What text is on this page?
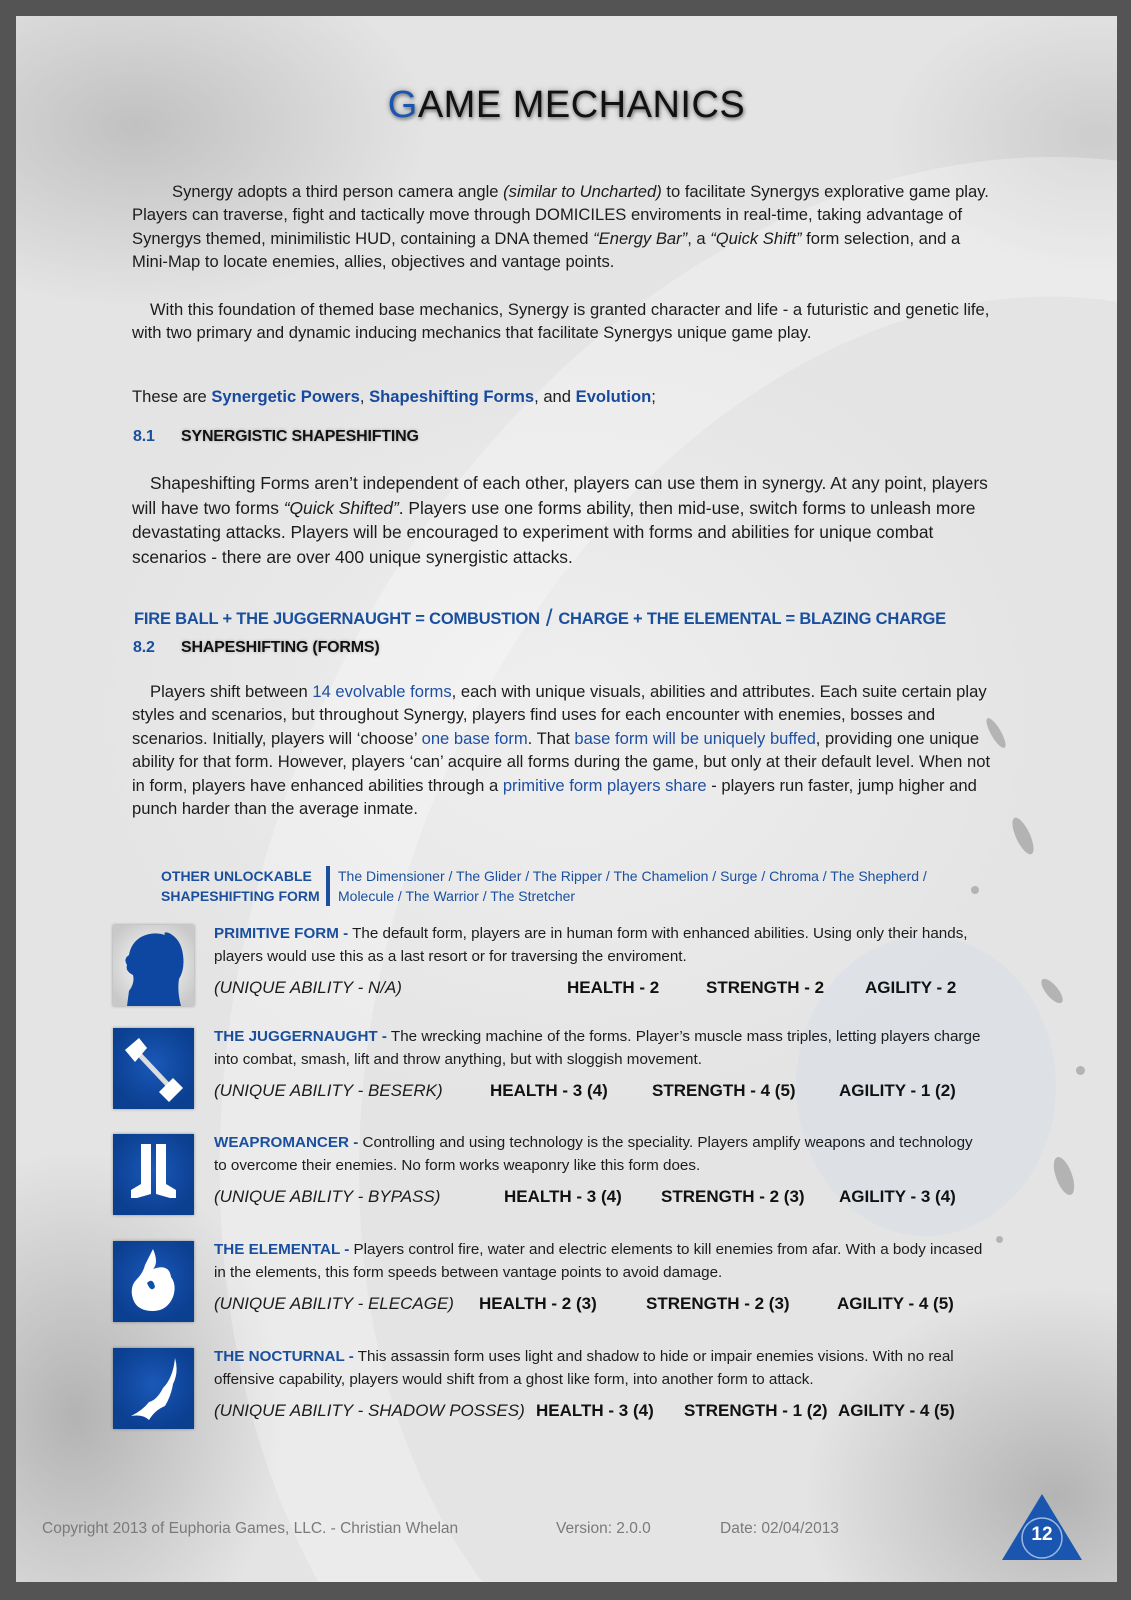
GAME MECHANICS
Synergy adopts a third person camera angle (similar to Uncharted) to facilitate Synergys explorative game play. Players can traverse, fight and tactically move through DOMICILES enviroments in real-time, taking advantage of Synergys themed, minimilistic HUD, containing a DNA themed “Energy Bar”, a “Quick Shift” form selection, and a Mini-Map to locate enemies, allies, objectives and vantage points.
With this foundation of themed base mechanics, Synergy is granted character and life - a futuristic and genetic life, with two primary and dynamic inducing mechanics that facilitate Synergys unique game play.
These are Synergetic Powers, Shapeshifting Forms, and Evolution;
8.1 SYNERGISTIC SHAPESHIFTING
Shapeshifting Forms aren’t independent of each other, players can use them in synergy. At any point, players will have two forms “Quick Shifted”. Players use one forms ability, then mid-use, switch forms to unleash more devastating attacks. Players will be encouraged to experiment with forms and abilities for unique combat scenarios - there are over 400 unique synergistic attacks.
FIRE BALL + THE JUGGERNAUGHT = COMBUSTION / CHARGE + THE ELEMENTAL = BLAZING CHARGE
8.2 SHAPESHIFTING (FORMS)
Players shift between 14 evolvable forms, each with unique visuals, abilities and attributes. Each suite certain play styles and scenarios, but throughout Synergy, players find uses for each encounter with enemies, bosses and scenarios. Initially, players will ‘choose’ one base form. That base form will be uniquely buffed, providing one unique ability for that form. However, players ‘can’ acquire all forms during the game, but only at their default level. When not in form, players have enhanced abilities through a primitive form players share - players run faster, jump higher and punch harder than the average inmate.
OTHER UNLOCKABLE
SHAPESHIFTING FORM
The Dimensioner / The Glider / The Ripper / The Chamelion / Surge / Chroma / The Shepherd / Molecule / The Warrior / The Stretcher
PRIMITIVE FORM - The default form, players are in human form with enhanced abilities. Using only their hands, players would use this as a last resort or for traversing the enviroment.
(UNIQUE ABILITY - N/A)	HEALTH - 2	STRENGTH - 2 AGILITY - 2
THE JUGGERNAUGHT - The wrecking machine of the forms. Player’s muscle mass triples, letting players charge into combat, smash, lift and throw anything, but with sloggish movement.
(UNIQUE ABILITY - BESERK)	HEALTH - 3 (4)	STRENGTH - 4 (5)	AGILITY - 1 (2)
WEAPROMANCER - Controlling and using technology is the speciality. Players amplify weapons and technology to overcome their enemies. No form works weaponry like this form does.
(UNIQUE ABILITY - BYPASS)	HEALTH - 3 (4) STRENGTH - 2 (3) AGILITY - 3 (4)
THE ELEMENTAL - Players control fire, water and electric elements to kill enemies from afar. With a body incased in the elements, this form speeds between vantage points to avoid damage.
(UNIQUE ABILITY - ELECAGE) HEALTH - 2 (3)	STRENGTH - 2 (3)	AGILITY - 4 (5)
THE NOCTURNAL - This assassin form uses light and shadow to hide or impair enemies visions. With no real offensive capability, players would shift from a ghost like form, into another form to attack.
(UNIQUE ABILITY - SHADOW POSSES) HEALTH - 3 (4) STRENGTH - 1 (2) AGILITY - 4 (5)
Copyright 2013 of Euphoria Games, LLC. - Christian Whelan	Version: 2.0.0	Date: 02/04/2013	12
